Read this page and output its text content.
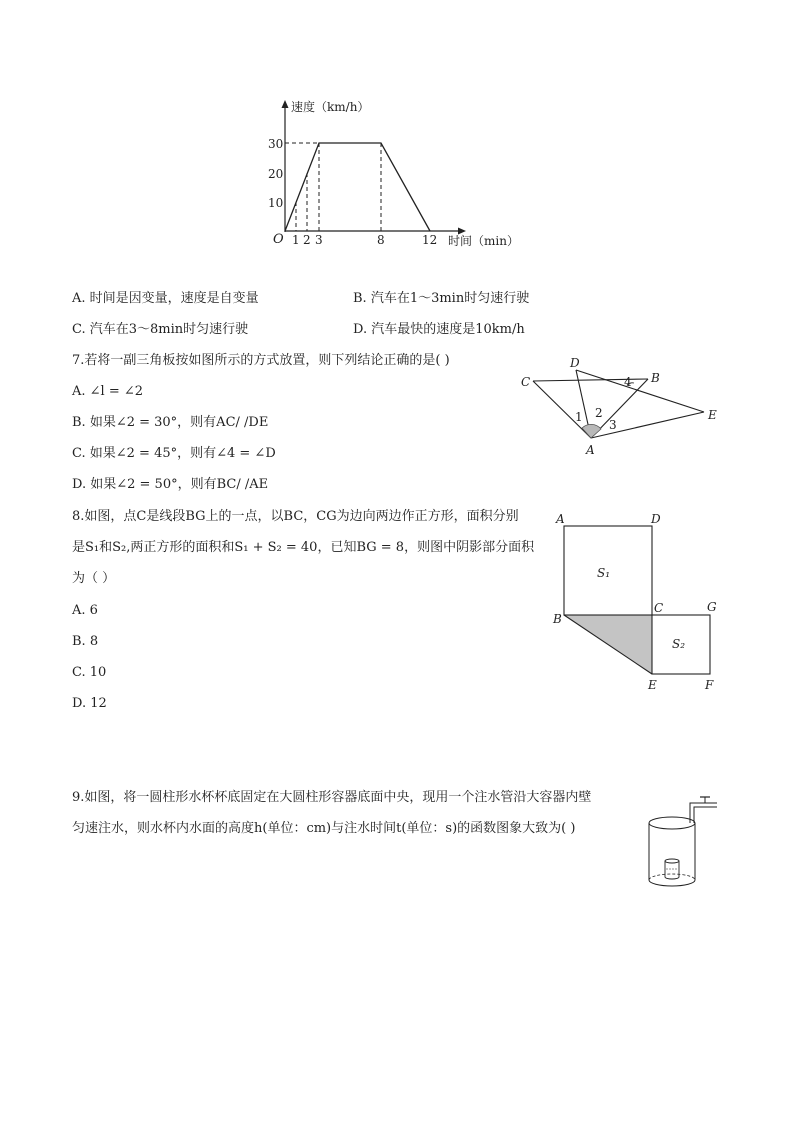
速度（km/h）
时间（min）
O
10
20
30
1 2 3	8	12
A. 时间是因变量，速度是自变量	B. 汽车在1～3min时匀速行驶
C. 汽车在3～8min时匀速行驶	D. 汽车最快的速度是10km/h
7.若将一副三角板按如图所示的方式放置，则下列结论正确的是( )
A. ∠l = ∠2
B. 如果∠2 = 30°，则有AC/ /DE
C. 如果∠2 = 45°，则有∠4 = ∠D
D. 如果∠2 = 50°，则有BC/ /AE
C
D
B
E
A
1 2
3
4
8.如图，点C是线段BG上的一点，以BC，CG为边向两边作正方形，面积分别
是S₁和S₂,两正方形的面积和S₁ + S₂ = 40，已知BG = 8，则图中阴影部分面积
为（ ）
A. 6
B. 8
C. 10
D. 12
A	D
B
C	G
E	F
S₁
S₂
9.如图，将一圆柱形水杯杯底固定在大圆柱形容器底面中央，现用一个注水管沿大容器内壁
匀速注水，则水杯内水面的高度h(单位：cm)与注水时间t(单位：s)的函数图象大致为( )
